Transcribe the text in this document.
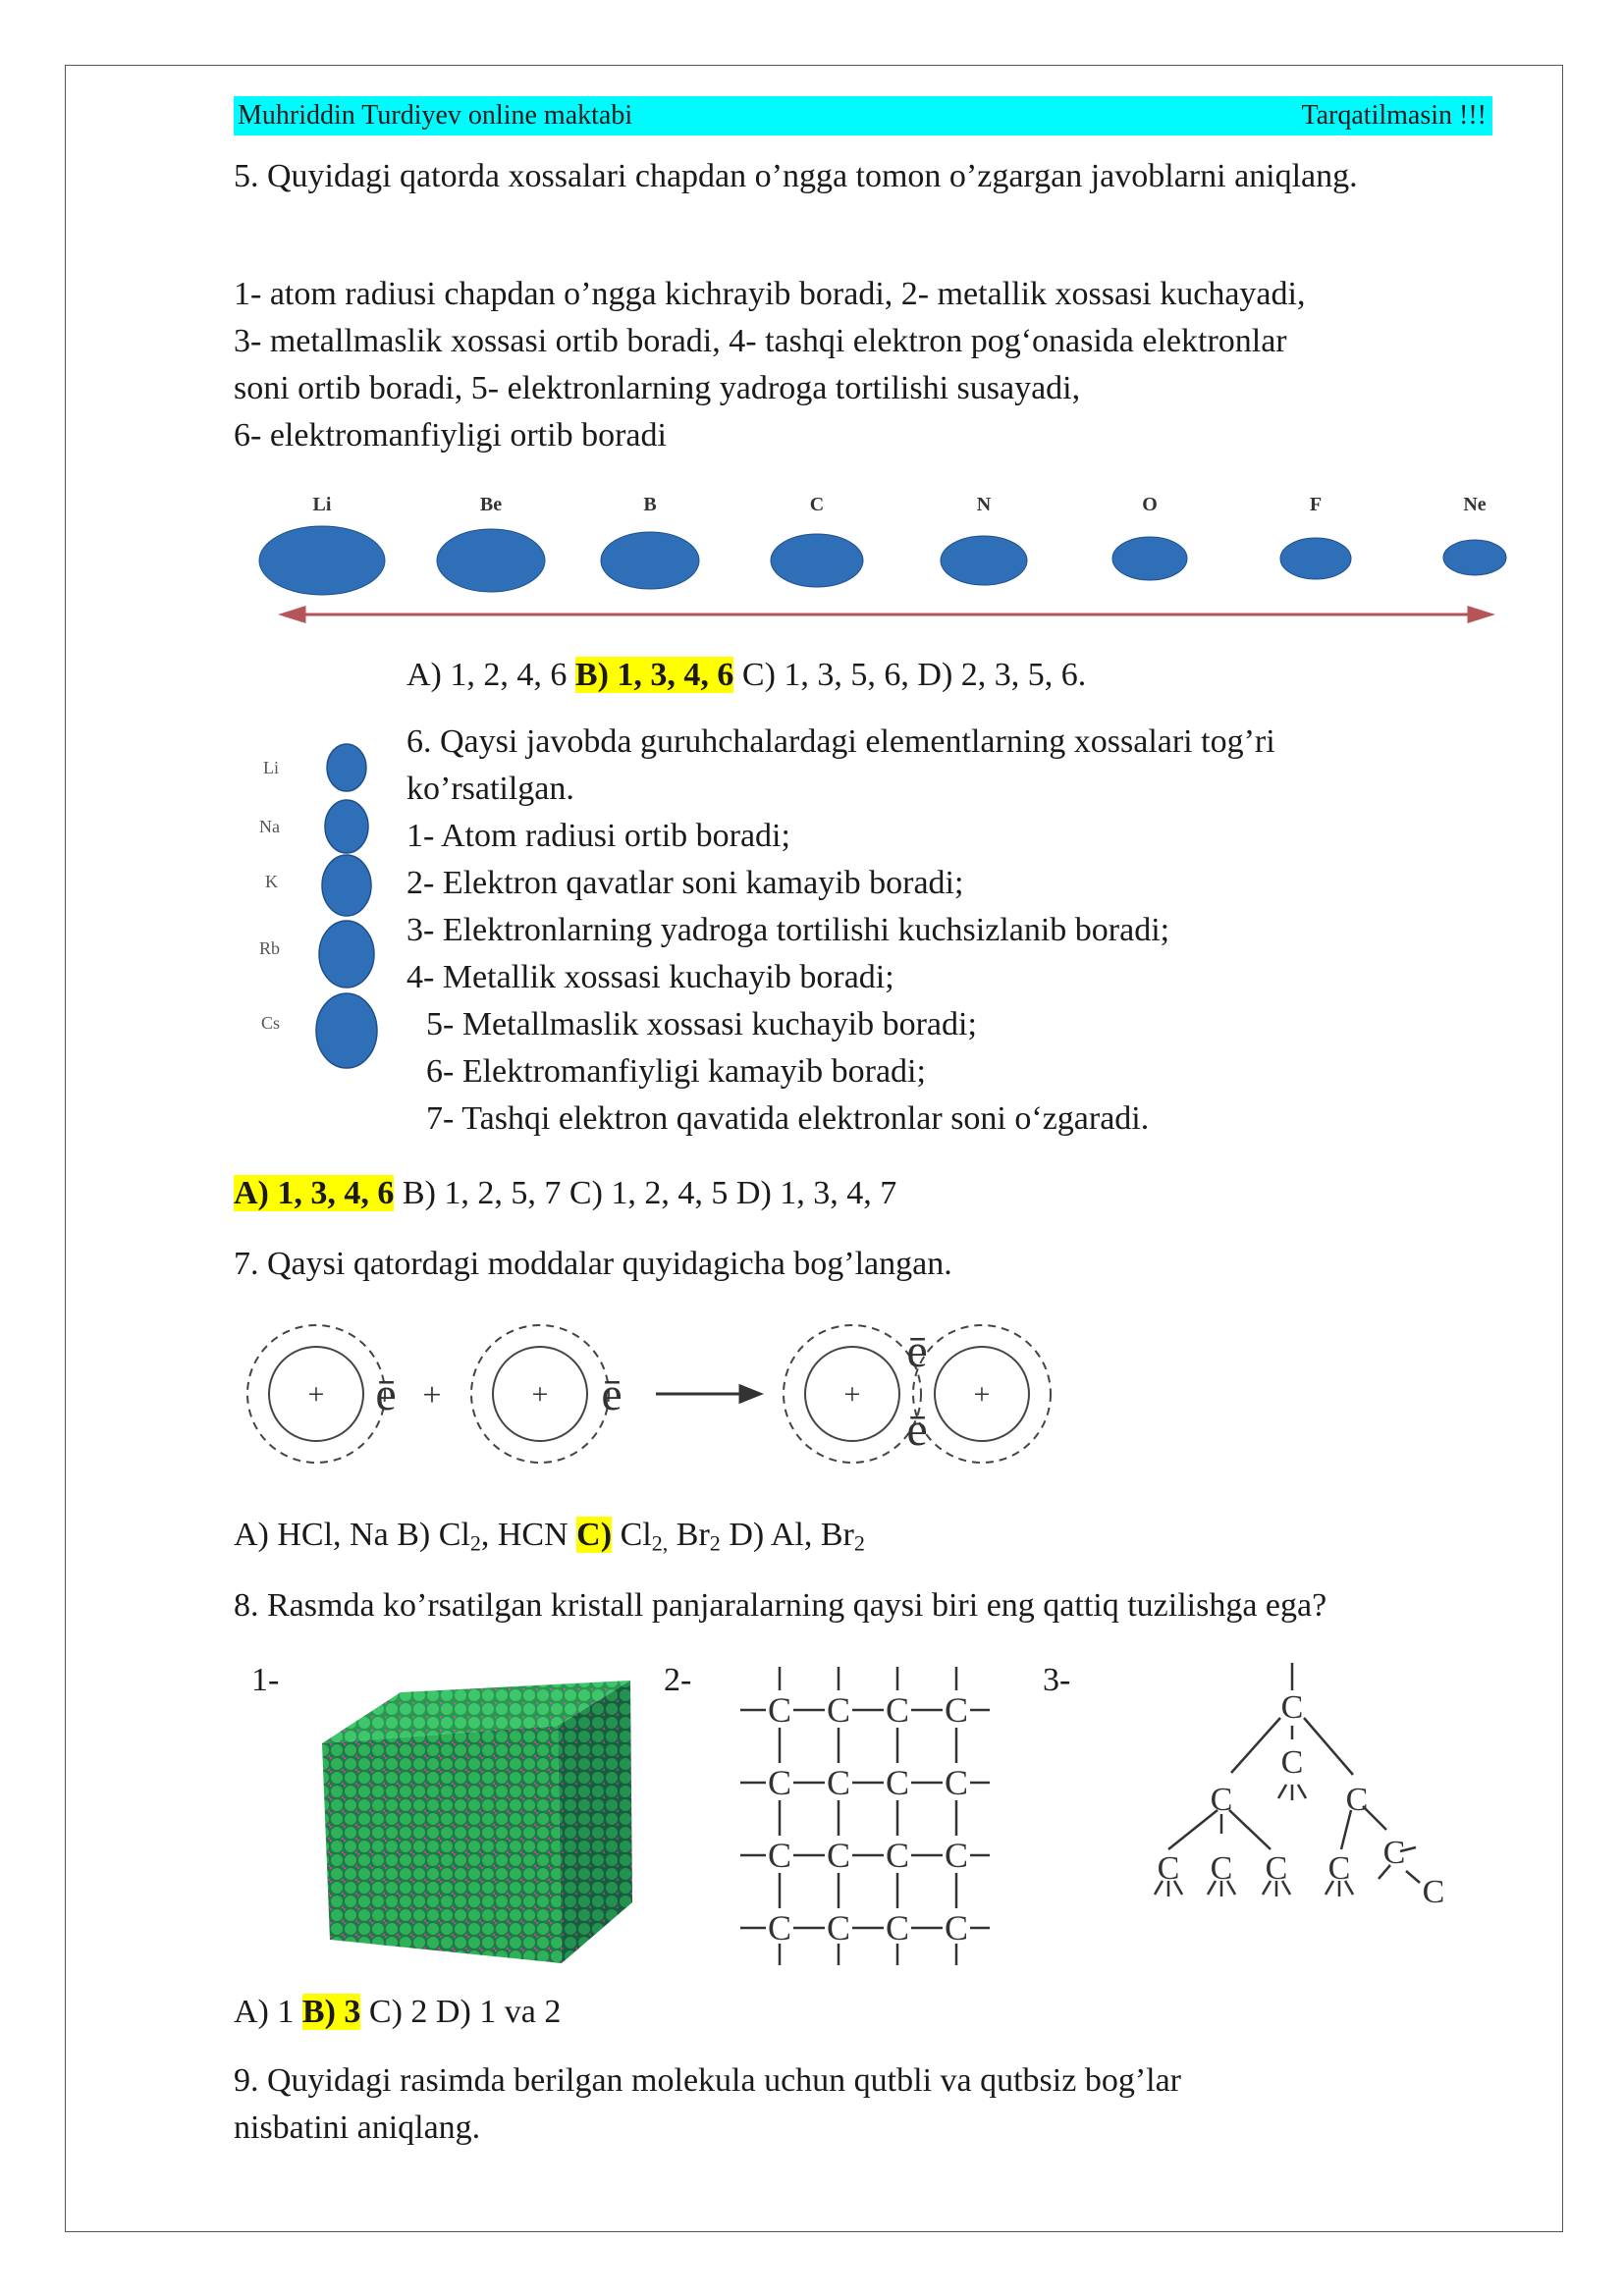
Muhriddin Turdiyev online maktabi	Tarqatilmasin !!!
5. Quyidagi qatorda xossalari chapdan o’ngga tomon o’zgargan javoblarni aniqlang.

1- atom radiusi chapdan o’ngga kichrayib boradi, 2- metallik xossasi kuchayadi,

3- metallmaslik xossasi ortib boradi, 4- tashqi elektron pog‘onasida elektronlar

soni ortib boradi, 5- elektronlarning yadroga tortilishi susayadi,

6- elektromanfiyligi ortib boradi

Li	Be	B	C	N	O	F	Ne
A) 1, 2, 4, 6 B) 1, 3, 4, 6 C) 1, 3, 5, 6, D) 2, 3, 5, 6.
Li
Na
K
Rb
Cs

6. Qaysi javobda guruhchalardagi elementlarning xossalari tog’ri

ko’rsatilgan.

1- Atom radiusi ortib boradi;

2- Elektron qavatlar soni kamayib boradi;

3- Elektronlarning yadroga tortilishi kuchsizlanib boradi;

4- Metallik xossasi kuchayib boradi;

5- Metallmaslik xossasi kuchayib boradi;

6- Elektromanfiyligi kamayib boradi;

7- Tashqi elektron qavatida elektronlar soni o‘zgaradi.

A) 1, 3, 4, 6 B) 1, 2, 5, 7 C) 1, 2, 4, 5 D) 1, 3, 4, 7
7. Qaysi qatordagi moddalar quyidagicha bog’langan.
+	+	+	+
+
ē	ē
ē
ē
A) HCl, Na B) $Cl_2$, HCN C) $Cl_{2,}$ $Br_2$ D) Al, $Br_2$
8. Rasmda ko’rsatilgan kristall panjaralarning qaysi biri eng qattiq tuzilishga ega?
1-	2-	3-
C C C C
C C C C
C C C C
C C C C
C
C
C	C
C
C C C C
C
A) 1 B) 3 C) 2 D) 1 va 2

9. Quyidagi rasimda berilgan molekula uchun qutbli va qutbsiz bog’lar

nisbatini aniqlang.
